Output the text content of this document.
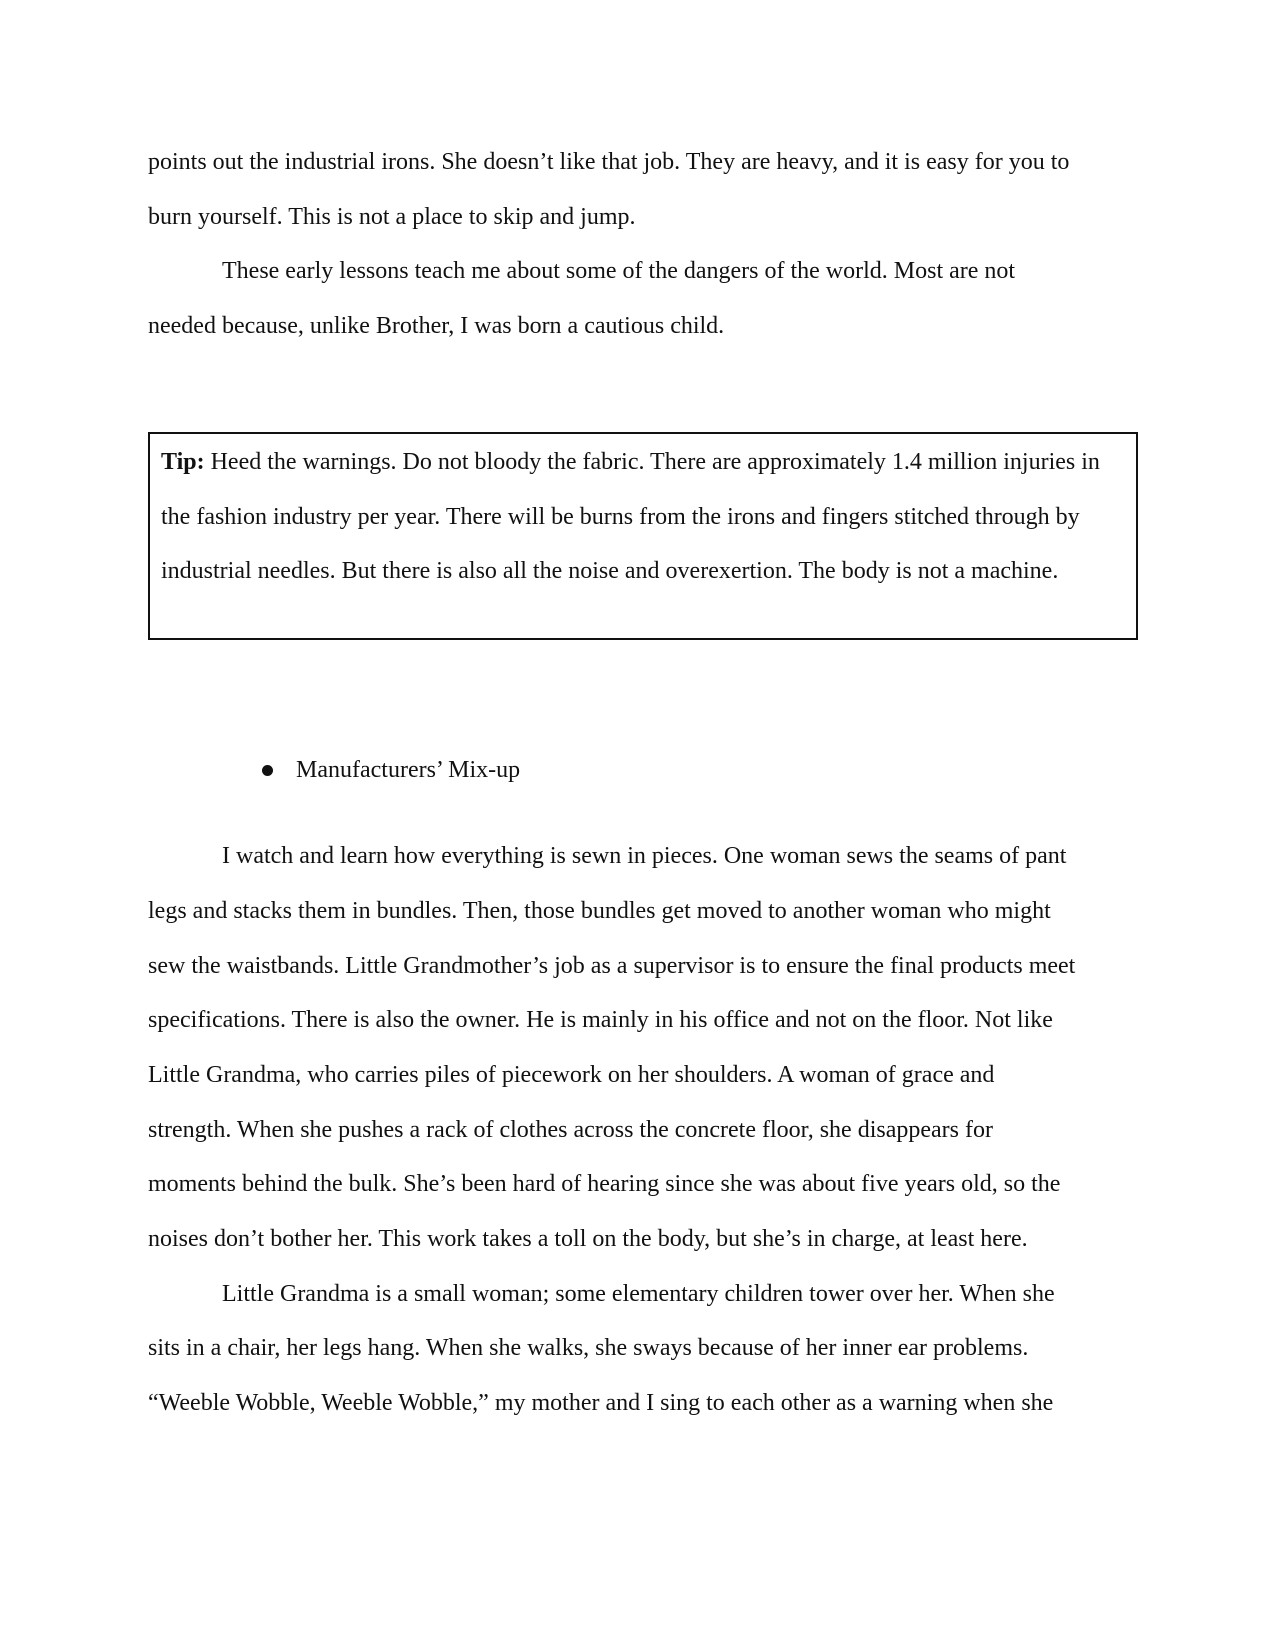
points out the industrial irons. She doesn’t like that job. They are heavy, and it is easy for you to
burn yourself. This is not a place to skip and jump.
These early lessons teach me about some of the dangers of the world. Most are not
needed because, unlike Brother, I was born a cautious child.
Tip: Heed the warnings. Do not bloody the fabric. There are approximately 1.4 million injuries in
the fashion industry per year. There will be burns from the irons and fingers stitched through by
industrial needles. But there is also all the noise and overexertion. The body is not a machine.
Manufacturers’ Mix-up
I watch and learn how everything is sewn in pieces. One woman sews the seams of pant
legs and stacks them in bundles. Then, those bundles get moved to another woman who might
sew the waistbands. Little Grandmother’s job as a supervisor is to ensure the final products meet
specifications. There is also the owner. He is mainly in his office and not on the floor. Not like
Little Grandma, who carries piles of piecework on her shoulders. A woman of grace and
strength. When she pushes a rack of clothes across the concrete floor, she disappears for
moments behind the bulk. She’s been hard of hearing since she was about five years old, so the
noises don’t bother her. This work takes a toll on the body, but she’s in charge, at least here.
Little Grandma is a small woman; some elementary children tower over her. When she
sits in a chair, her legs hang. When she walks, she sways because of her inner ear problems.
“Weeble Wobble, Weeble Wobble,” my mother and I sing to each other as a warning when she
